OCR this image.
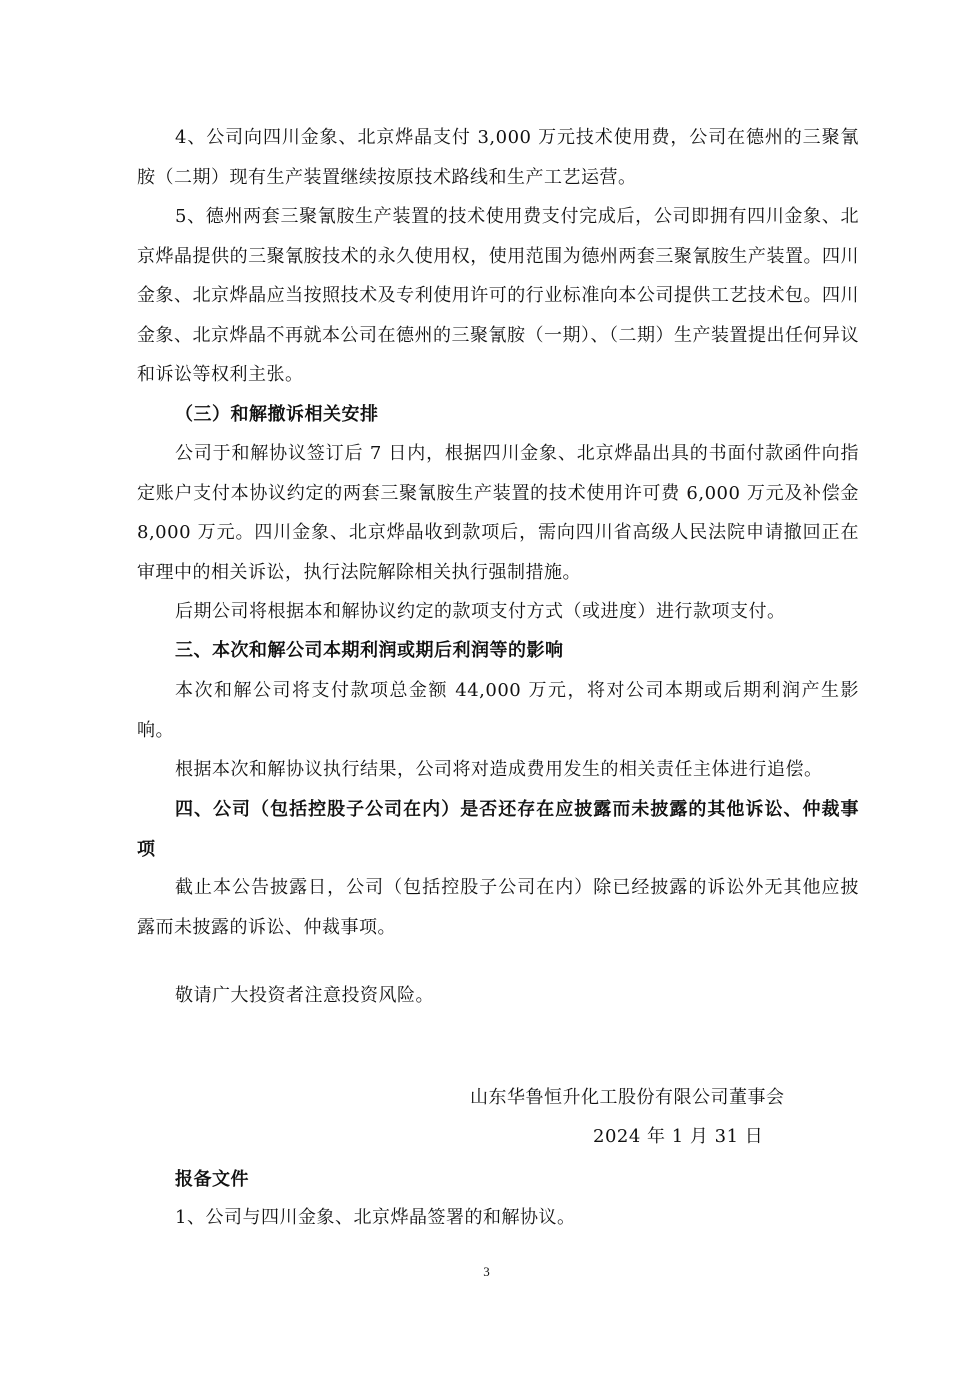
4、公司向四川金象、北京烨晶支付 3,000 万元技术使用费，公司在德州的三聚氰胺（二期）现有生产装置继续按原技术路线和生产工艺运营。
5、德州两套三聚氰胺生产装置的技术使用费支付完成后，公司即拥有四川金象、北京烨晶提供的三聚氰胺技术的永久使用权，使用范围为德州两套三聚氰胺生产装置。四川金象、北京烨晶应当按照技术及专利使用许可的行业标准向本公司提供工艺技术包。四川金象、北京烨晶不再就本公司在德州的三聚氰胺（一期）、（二期）生产装置提出任何异议和诉讼等权利主张。
（三）和解撤诉相关安排
公司于和解协议签订后 7 日内，根据四川金象、北京烨晶出具的书面付款函件向指定账户支付本协议约定的两套三聚氰胺生产装置的技术使用许可费 6,000 万元及补偿金 8,000 万元。四川金象、北京烨晶收到款项后，需向四川省高级人民法院申请撤回正在审理中的相关诉讼，执行法院解除相关执行强制措施。
后期公司将根据本和解协议约定的款项支付方式（或进度）进行款项支付。
三、本次和解公司本期利润或期后利润等的影响
本次和解公司将支付款项总金额 44,000 万元，将对公司本期或后期利润产生影响。
根据本次和解协议执行结果，公司将对造成费用发生的相关责任主体进行追偿。
四、公司（包括控股子公司在内）是否还存在应披露而未披露的其他诉讼、仲裁事项
截止本公告披露日，公司（包括控股子公司在内）除已经披露的诉讼外无其他应披露而未披露的诉讼、仲裁事项。
敬请广大投资者注意投资风险。
山东华鲁恒升化工股份有限公司董事会
2024 年 1 月 31 日
报备文件
1、公司与四川金象、北京烨晶签署的和解协议。
3
